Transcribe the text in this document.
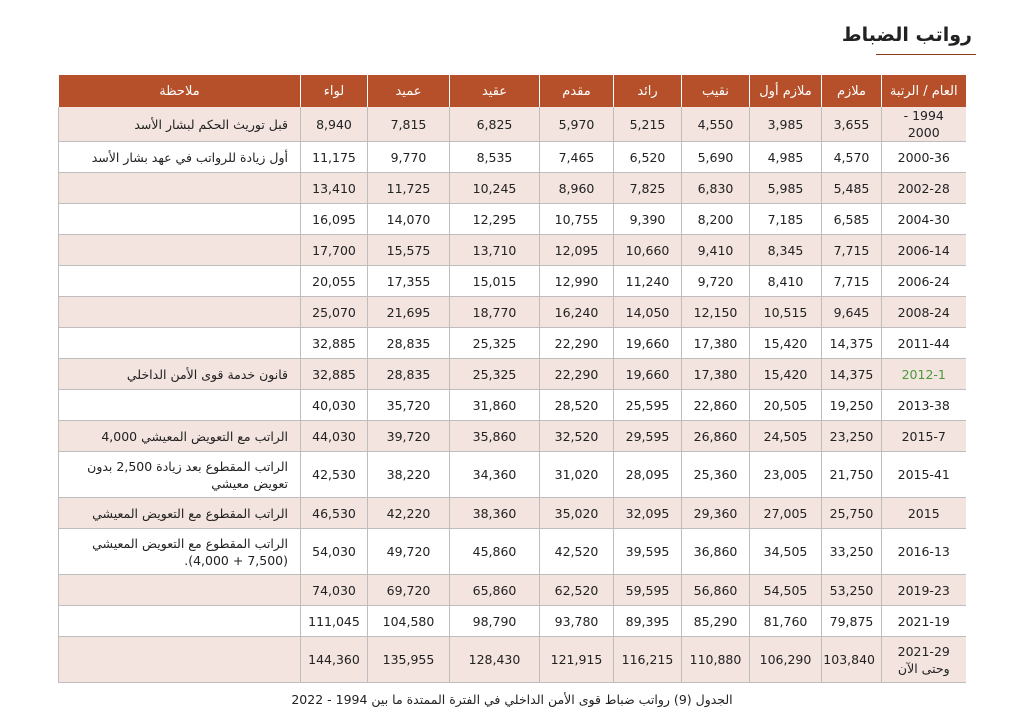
رواتب الضباط
العام / الرتبة	ملازم	ملازم أول	نقيب	رائد	مقدم	عقيد	عميد	لواء	ملاحظة
1994 - 2000	3,655	3,985	4,550	5,215	5,970	6,825	7,815	8,940	قبل توريث الحكم لبشار الأسد
2000-36	4,570	4,985	5,690	6,520	7,465	8,535	9,770	11,175	أول زيادة للرواتب في عهد بشار الأسد
2002-28	5,485	5,985	6,830	7,825	8,960	10,245	11,725	13,410	
2004-30	6,585	7,185	8,200	9,390	10,755	12,295	14,070	16,095	
2006-14	7,715	8,345	9,410	10,660	12,095	13,710	15,575	17,700	
2006-24	7,715	8,410	9,720	11,240	12,990	15,015	17,355	20,055	
2008-24	9,645	10,515	12,150	14,050	16,240	18,770	21,695	25,070	
2011-44	14,375	15,420	17,380	19,660	22,290	25,325	28,835	32,885	
2012-1	14,375	15,420	17,380	19,660	22,290	25,325	28,835	32,885	قانون خدمة قوى الأمن الداخلي
2013-38	19,250	20,505	22,860	25,595	28,520	31,860	35,720	40,030	
2015-7	23,250	24,505	26,860	29,595	32,520	35,860	39,720	44,030	الراتب مع التعويض المعيشي 4,000
2015-41	21,750	23,005	25,360	28,095	31,020	34,360	38,220	42,530	الراتب المقطوع بعد زيادة 2,500 بدون تعويض معيشي
2015	25,750	27,005	29,360	32,095	35,020	38,360	42,220	46,530	الراتب المقطوع مع التعويض المعيشي
2016-13	33,250	34,505	36,860	39,595	42,520	45,860	49,720	54,030	الراتب المقطوع مع التعويض المعيشي (7,500 + 4,000).
2019-23	53,250	54,505	56,860	59,595	62,520	65,860	69,720	74,030	
2021-19	79,875	81,760	85,290	89,395	93,780	98,790	104,580	111,045	
2021-29 وحتى الآن	103,840	106,290	110,880	116,215	121,915	128,430	135,955	144,360	
الجدول (9) رواتب ضباط قوى الأمن الداخلي في الفترة الممتدة ما بين 1994 - 2022
